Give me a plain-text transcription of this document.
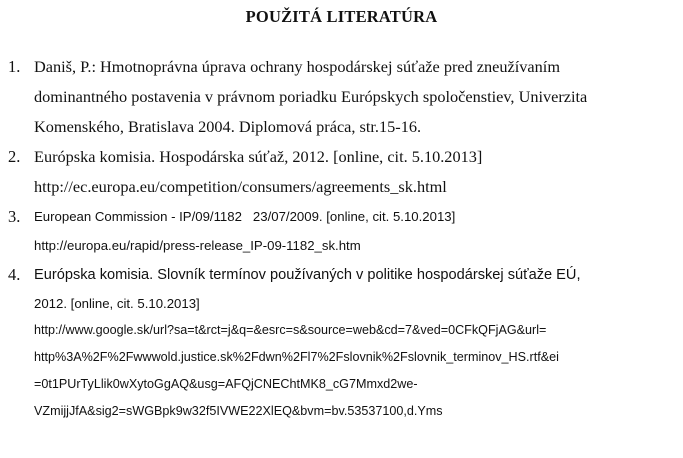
POUŽITÁ LITERATÚRA
1. Daniš, P.: Hmotnoprávna úprava ochrany hospodárskej súťaže pred zneužívaním
dominantného postavenia v právnom poriadku Európskych spoločenstiev, Univerzita
Komenského, Bratislava 2004. Diplomová práca, str.15-16.
2. Európska komisia. Hospodárska súťaž, 2012. [online, cit. 5.10.2013]
http://ec.europa.eu/competition/consumers/agreements_sk.html
3. European Commission - IP/09/1182   23/07/2009. [online, cit. 5.10.2013]
http://europa.eu/rapid/press-release_IP-09-1182_sk.htm
4. Európska komisia. Slovník termínov používaných v politike hospodárskej súťaže EÚ,
2012. [online, cit. 5.10.2013]
http://www.google.sk/url?sa=t&rct=j&q=&esrc=s&source=web&cd=7&ved=0CFkQFjAG&url=
http%3A%2F%2Fwwwold.justice.sk%2Fdwn%2Fl7%2Fslovnik%2Fslovnik_terminov_HS.rtf&ei
=0t1PUrTyLlik0wXytoGgAQ&usg=AFQjCNEChtMK8_cG7Mmxd2we-
VZmijjJfA&sig2=sWGBpk9w32f5IVWE22XlEQ&bvm=bv.53537100,d.Yms
